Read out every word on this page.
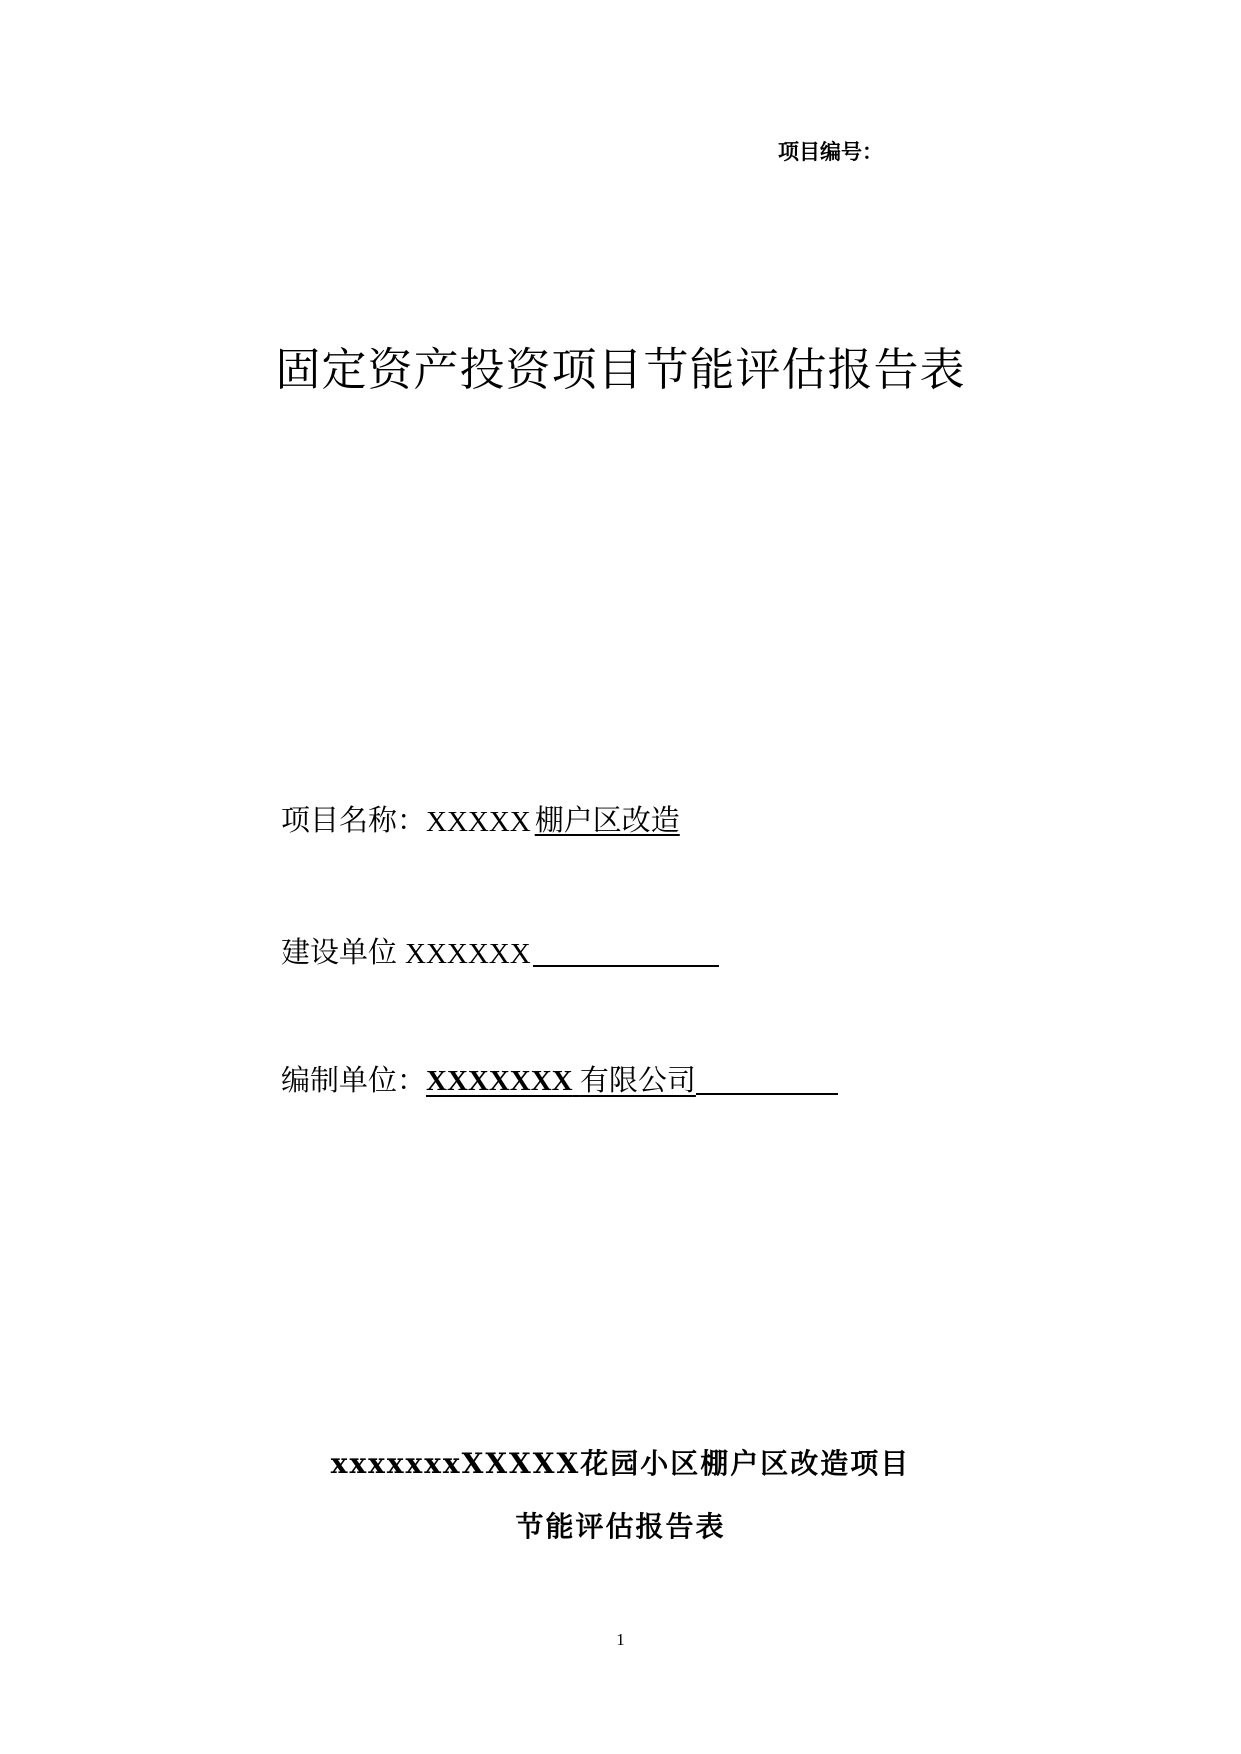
项目编号：
固定资产投资项目节能评估报告表
项目名称： XXXXX 棚户区改造
建设单位 XXXXXX
编制单位： XXXXXXX 有限公司
xxxxxxxXXXXX花园小区棚户区改造项目
节能评估报告表
1
